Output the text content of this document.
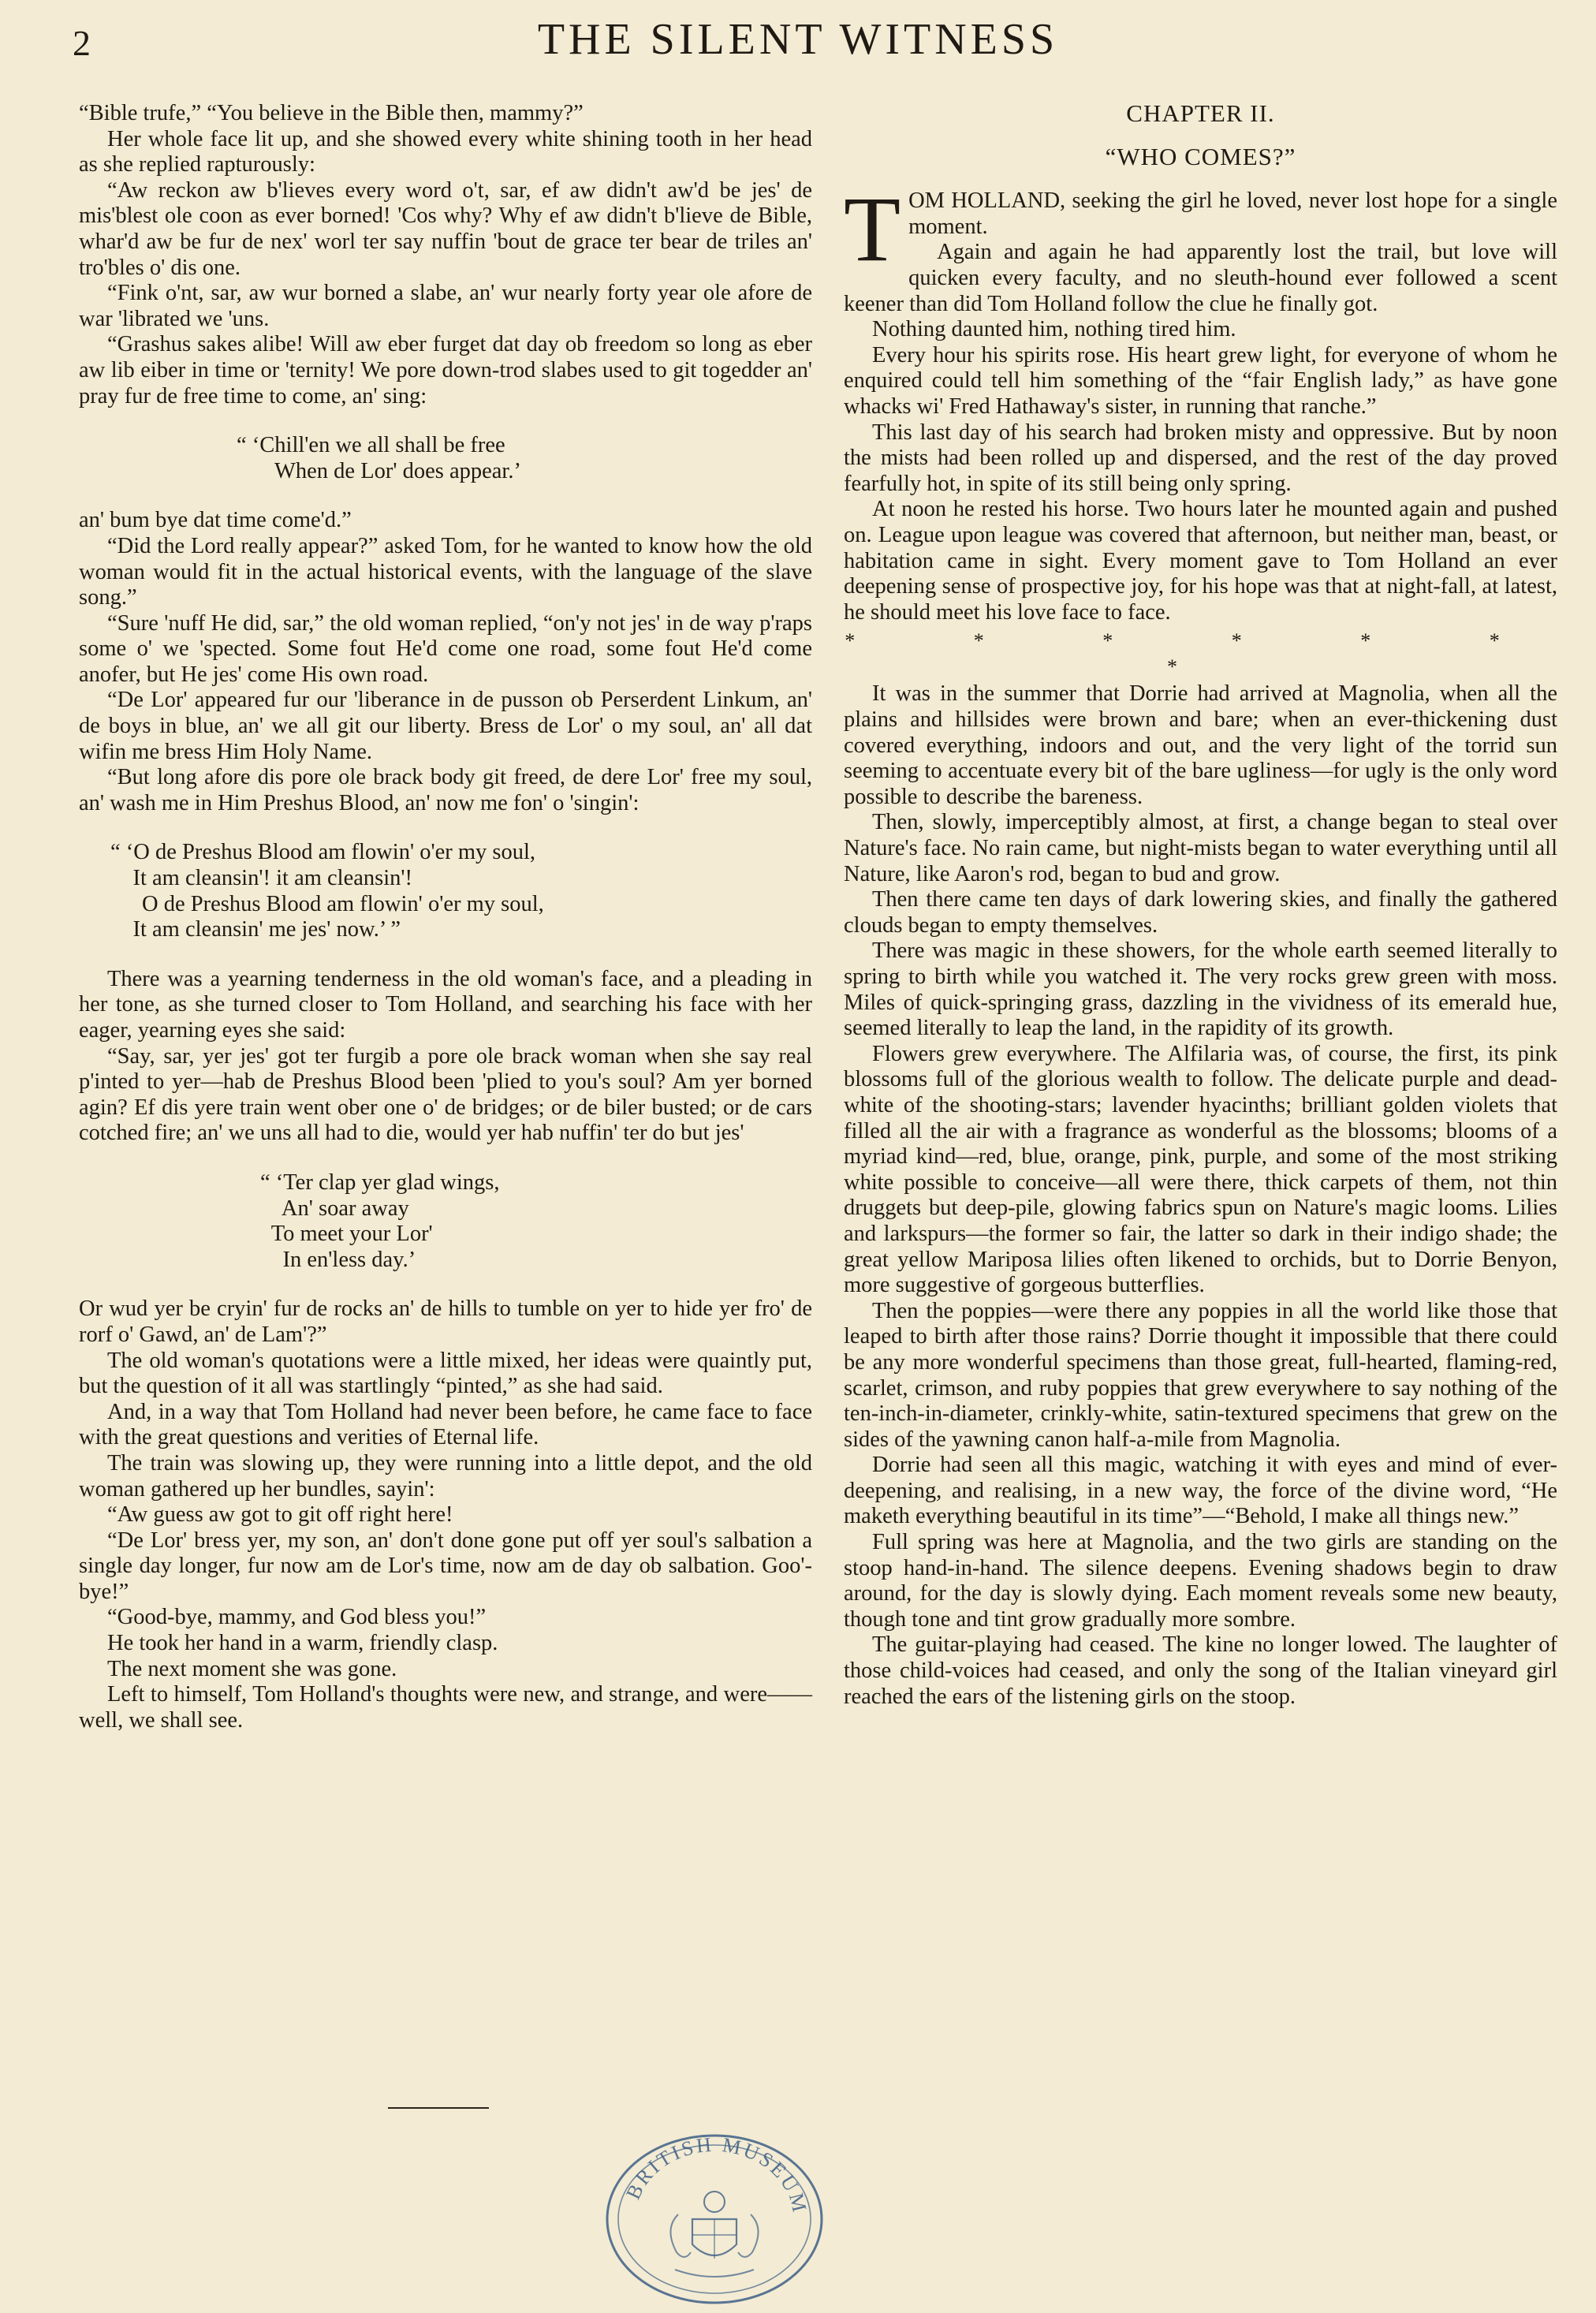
2	THE SILENT WITNESS

“Bible trufe,” “You believe in the Bible then, mammy?”

Her whole face lit up, and she showed every white shining tooth in her head as she replied rapturously:

“Aw reckon aw b'lieves every word o't, sar, ef aw didn't aw'd be jes' de mis'blest ole coon as ever borned! 'Cos why? Why ef aw didn't b'lieve de Bible, whar'd aw be fur de nex' worl ter say nuffin 'bout de grace ter bear de triles an' tro'bles o' dis one.

“Fink o'nt, sar, aw wur borned a slabe, an' wur nearly forty year ole afore de war 'librated we 'uns.

“Grashus sakes alibe! Will aw eber furget dat day ob freedom so long as eber aw lib eiber in time or 'ternity! We pore down-trod slabes used to git togedder an' pray fur de free time to come, an' sing:

“ ‘Chill'en we all shall be free
When de Lor' does appear.’

an' bum bye dat time come'd.”

“Did the Lord really appear?” asked Tom, for he wanted to know how the old woman would fit in the actual historical events, with the language of the slave song.”

“Sure 'nuff He did, sar,” the old woman replied, “on'y not jes' in de way p'raps some o' we 'spected. Some fout He'd come one road, some fout He'd come anofer, but He jes' come His own road.

“De Lor' appeared fur our 'liberance in de pusson ob Perserdent Linkum, an' de boys in blue, an' we all git our liberty. Bress de Lor' o my soul, an' all dat wifin me bress Him Holy Name.

“But long afore dis pore ole brack body git freed, de dere Lor' free my soul, an' wash me in Him Preshus Blood, an' now me fon' o 'singin':

“ ‘O de Preshus Blood am flowin' o'er my soul,
It am cleansin'! it am cleansin'!
O de Preshus Blood am flowin' o'er my soul,
It am cleansin' me jes' now.’ ”

There was a yearning tenderness in the old woman's face, and a pleading in her tone, as she turned closer to Tom Holland, and searching his face with her eager, yearning eyes she said:

“Say, sar, yer jes' got ter furgib a pore ole brack woman when she say real p'inted to yer—hab de Preshus Blood been 'plied to you's soul? Am yer borned agin? Ef dis yere train went ober one o' de bridges; or de biler busted; or de cars cotched fire; an' we uns all had to die, would yer hab nuffin' ter do but jes'

“ ‘Ter clap yer glad wings,
An' soar away
To meet your Lor'
In en'less day.’

Or wud yer be cryin' fur de rocks an' de hills to tumble on yer to hide yer fro' de rorf o' Gawd, an' de Lam'?”

The old woman's quotations were a little mixed, her ideas were quaintly put, but the question of it all was startlingly “pinted,” as she had said.

And, in a way that Tom Holland had never been before, he came face to face with the great questions and verities of Eternal life.

The train was slowing up, they were running into a little depot, and the old woman gathered up her bundles, sayin':

“Aw guess aw got to git off right here!

“De Lor' bress yer, my son, an' don't done gone put off yer soul's salbation a single day longer, fur now am de Lor's time, now am de day ob salbation. Goo'-bye!”

“Good-bye, mammy, and God bless you!”

He took her hand in a warm, friendly clasp.

The next moment she was gone.

Left to himself, Tom Holland's thoughts were new, and strange, and were——well, we shall see.

CHAPTER II.
“WHO COMES?”

TOM HOLLAND, seeking the girl he loved, never lost hope for a single moment.

Again and again he had apparently lost the trail, but love will quicken every faculty, and no sleuth-hound ever followed a scent keener than did Tom Holland follow the clue he finally got.

Nothing daunted him, nothing tired him.

Every hour his spirits rose. His heart grew light, for everyone of whom he enquired could tell him something of the “fair English lady,” as have gone whacks wi' Fred Hathaway's sister, in running that ranche.”

This last day of his search had broken misty and oppressive. But by noon the mists had been rolled up and dispersed, and the rest of the day proved fearfully hot, in spite of its still being only spring.

At noon he rested his horse. Two hours later he mounted again and pushed on. League upon league was covered that afternoon, but neither man, beast, or habitation came in sight. Every moment gave to Tom Holland an ever deepening sense of prospective joy, for his hope was that at night-fall, at latest, he should meet his love face to face.

* * * * * * *

It was in the summer that Dorrie had arrived at Magnolia, when all the plains and hillsides were brown and bare; when an ever-thickening dust covered everything, indoors and out, and the very light of the torrid sun seeming to accentuate every bit of the bare ugliness—for ugly is the only word possible to describe the bareness.

Then, slowly, imperceptibly almost, at first, a change began to steal over Nature's face. No rain came, but night-mists began to water everything until all Nature, like Aaron's rod, began to bud and grow.

Then there came ten days of dark lowering skies, and finally the gathered clouds began to empty themselves.

There was magic in these showers, for the whole earth seemed literally to spring to birth while you watched it. The very rocks grew green with moss. Miles of quick-springing grass, dazzling in the vividness of its emerald hue, seemed literally to leap the land, in the rapidity of its growth.

Flowers grew everywhere. The Alfilaria was, of course, the first, its pink blossoms full of the glorious wealth to follow. The delicate purple and dead-white of the shooting-stars; lavender hyacinths; brilliant golden violets that filled all the air with a fragrance as wonderful as the blossoms; blooms of a myriad kind—red, blue, orange, pink, purple, and some of the most striking white possible to conceive—all were there, thick carpets of them, not thin druggets but deep-pile, glowing fabrics spun on Nature's magic looms. Lilies and larkspurs—the former so fair, the latter so dark in their indigo shade; the great yellow Mariposa lilies often likened to orchids, but to Dorrie Benyon, more suggestive of gorgeous butterflies.

Then the poppies—were there any poppies in all the world like those that leaped to birth after those rains? Dorrie thought it impossible that there could be any more wonderful specimens than those great, full-hearted, flaming-red, scarlet, crimson, and ruby poppies that grew everywhere to say nothing of the ten-inch-in-diameter, crinkly-white, satin-textured specimens that grew on the sides of the yawning canon half-a-mile from Magnolia.

Dorrie had seen all this magic, watching it with eyes and mind of ever-deepening, and realising, in a new way, the force of the divine word, “He maketh everything beautiful in its time”—“Behold, I make all things new.”

Full spring was here at Magnolia, and the two girls are standing on the stoop hand-in-hand. The silence deepens. Evening shadows begin to draw around, for the day is slowly dying. Each moment reveals some new beauty, though tone and tint grow gradually more sombre.

The guitar-playing had ceased. The kine no longer lowed. The laughter of those child-voices had ceased, and only the song of the Italian vineyard girl reached the ears of the listening girls on the stoop.

BRITISH MUSEUM
